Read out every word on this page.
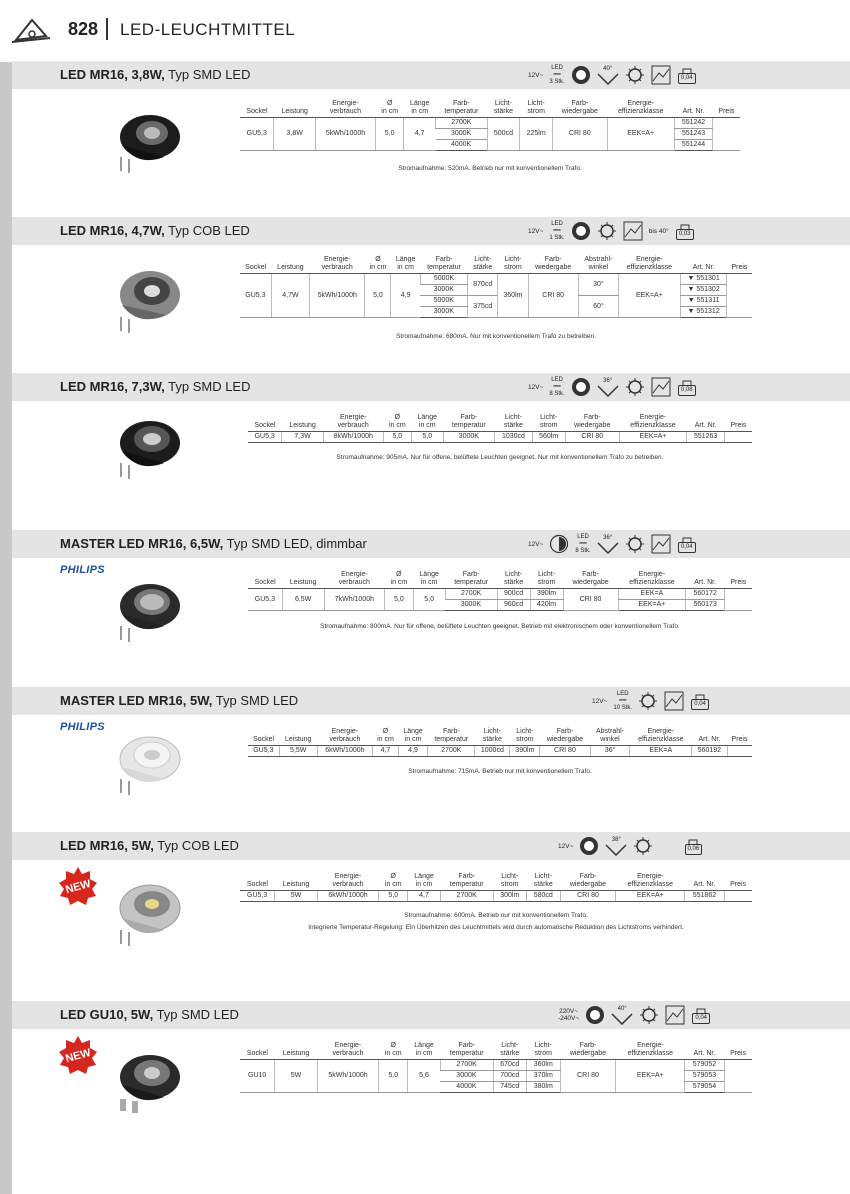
828 LED-LEUCHTMITTEL
LED MR16, 3,8W, Typ SMD LED	12V~
LED
━━
3 Stk.
40°
0,04
Sockel	Leistung	Energie-
verbrauch	Ø
in cm	Länge
in cm	Farb-
temperatur	Licht-
stärke	Licht-
strom	Farb-
wiedergabe	Energie-
effizienzklasse	Art. Nr.	Preis
GU5,3	3,8W	5kWh/1000h	5,0	4,7	2700K	500cd	225lm	CRI 80	EEK=A+	551242	
					3000K					551243	
					4000K					551244	
Stromaufnahme: 520mA. Betrieb nur mit konventionellem Trafo.
LED MR16, 4,7W, Typ COB LED	12V~
LED
━━
1 Stk.
bis 40°	0,03
Sockel	Leistung	Energie-
verbrauch	Ø
in cm	Länge
in cm	Farb-
temperatur	Licht-
stärke	Licht-
strom	Farb-
wiedergabe	Abstrahl-
winkel	Energie-
effizienzklasse	Art. Nr.	Preis
GU5,3	4,7W	5kWh/1000h	5,0	4,9	5000K	870cd	360lm	CRI 80	30°	EEK=A+	▼ 551301	
					3000K						▼ 551302	
					5000K	375cd			60°		▼ 551311	
					3000K						▼ 551312	
Stromaufnahme: 680mA. Nur mit konventionellem Trafo zu betreiben.
LED MR16, 7,3W, Typ SMD LED	12V~
LED
━━
8 Stk.
36°
0,08
Sockel	Leistung	Energie-
verbrauch	Ø
in cm	Länge
in cm	Farb-
temperatur	Licht-
stärke	Licht-
strom	Farb-
wiedergabe	Energie-
effizienzklasse	Art. Nr.	Preis
GU5,3	7,3W	8kWh/1000h	5,0	5,0	3000K	1030cd	560lm	CRI 80	EEK=A+	551263	
Stromaufnahme: 905mA. Nur für offene, belüftete Leuchten geeignet. Nur mit konventionellem Trafo zu betreiben.
MASTER LED MR16, 6,5W, Typ SMD LED, dimmbar	12V~
LED
━━
8 Stk.
36°
0,04
PHILIPS
Sockel	Leistung	Energie-
verbrauch	Ø
in cm	Länge
in cm	Farb-
temperatur	Licht-
stärke	Licht-
strom	Farb-
wiedergabe	Energie-
effizienzklasse	Art. Nr.	Preis
GU5,3	6,5W	7kWh/1000h	5,0	5,0	2700K	900cd	390lm	CRI 80	EEK=A	560172	
					3000K	960cd	420lm		EEK=A+	560173	
Stromaufnahme: 800mA. Nur für offene, belüftete Leuchten geeignet. Betrieb mit elektronischem oder konventionellem Trafo.
MASTER LED MR16, 5W, Typ SMD LED	12V~
LED
━━
10 Stk.
0,04
PHILIPS
Sockel	Leistung	Energie-
verbrauch	Ø
in cm	Länge
in cm	Farb-
temperatur	Licht-
stärke	Licht-
strom	Farb-
wiedergabe	Abstrahl-
winkel	Energie-
effizienzklasse	Art. Nr.	Preis
GU5,3	5,5W	6kWh/1000h	4,7	4,9	2700K	1000cd	390lm	CRI 80	36°	EEK=A	560192	
Stromaufnahme: 715mA. Betrieb nur mit konventionellem Trafo.
LED MR16, 5W, Typ COB LED	12V~
38°
0,06
NEW	Sockel	Leistung	Energie-
verbrauch	Ø
in cm	Länge
in cm	Farb-
temperatur	Licht-
strom	Licht-
stärke	Farb-
wiedergabe	Energie-
effizienzklasse	Art. Nr.	Preis
GU5,3	5W	6kWh/1000h	5,0	4,7	2700K	300lm	580cd	CRI 80	EEK=A+	551862	
Stromaufnahme: 600mA. Betrieb nur mit konventionellem Trafo.
Integrierte Temperatur-Regelung: Ein Überhitzen des Leuchtmittels wird durch automatische Reduktion des Lichtstroms verhindert.
LED GU10, 5W, Typ SMD LED	220V~
-240V~
40°
0,04
NEW	Sockel	Leistung	Energie-
verbrauch	Ø
in cm	Länge
in cm	Farb-
temperatur	Licht-
stärke	Licht-
strom	Farb-
wiedergabe	Energie-
effizienzklasse	Art. Nr.	Preis
GU10	5W	5kWh/1000h	5,0	5,6	2700K	670cd	360lm	CRI 80	EEK=A+	579052	
					3000K	700cd	370lm			579053	
					4000K	745cd	380lm			579054	
